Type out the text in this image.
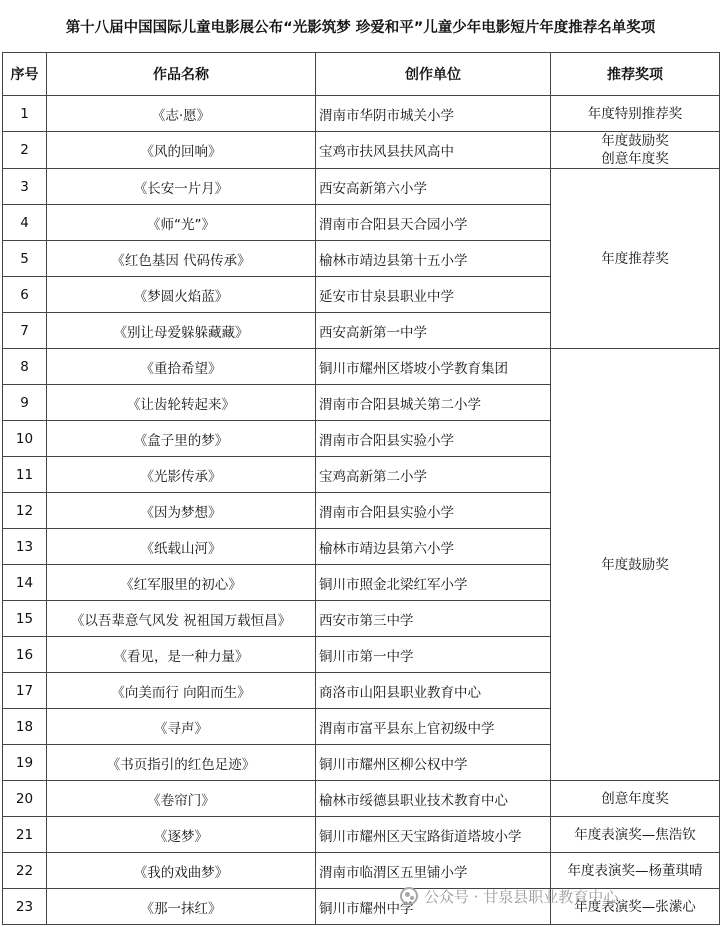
第十八届中国国际儿童电影展公布“光影筑梦 珍爱和平”儿童少年电影短片年度推荐名单奖项
序号	作品名称	创作单位	推荐奖项
1	《志·愿》	渭南市华阴市城关小学	年度特别推荐奖
2	《风的回响》	宝鸡市扶风县扶风高中	年度鼓励奖
创意年度奖

3	《长安一片月》	西安高新第六小学	年度推荐奖
4	《师“光”》	渭南市合阳县天合园小学	
5	《红色基因 代码传承》	榆林市靖边县第十五小学	
6	《梦圆火焰蓝》	延安市甘泉县职业中学	
7	《别让母爱躲躲藏藏》	西安高新第一中学	
8	《重拾希望》	铜川市耀州区塔坡小学教育集团	年度鼓励奖
9	《让齿轮转起来》	渭南市合阳县城关第二小学	
10	《盒子里的梦》	渭南市合阳县实验小学	
11	《光影传承》	宝鸡高新第二小学	
12	《因为梦想》	渭南市合阳县实验小学	
13	《纸载山河》	榆林市靖边县第六小学	
14	《红军服里的初心》	铜川市照金北梁红军小学	
15	《以吾辈意气风发 祝祖国万载恒昌》	西安市第三中学	
16	《看见，是一种力量》	铜川市第一中学	
17	《向美而行 向阳而生》	商洛市山阳县职业教育中心	
18	《寻声》	渭南市富平县东上官初级中学	
19	《书页指引的红色足迹》	铜川市耀州区柳公权中学	
20	《卷帘门》	榆林市绥德县职业技术教育中心	创意年度奖
21	《逐梦》	铜川市耀州区天宝路街道塔坡小学	年度表演奖—焦浩钦
22	《我的戏曲梦》	渭南市临渭区五里铺小学	年度表演奖—杨董琪晴
23	《那一抹红》	铜川市耀州中学	年度表演奖—张潆心
公众号 · 甘泉县职业教育中心
